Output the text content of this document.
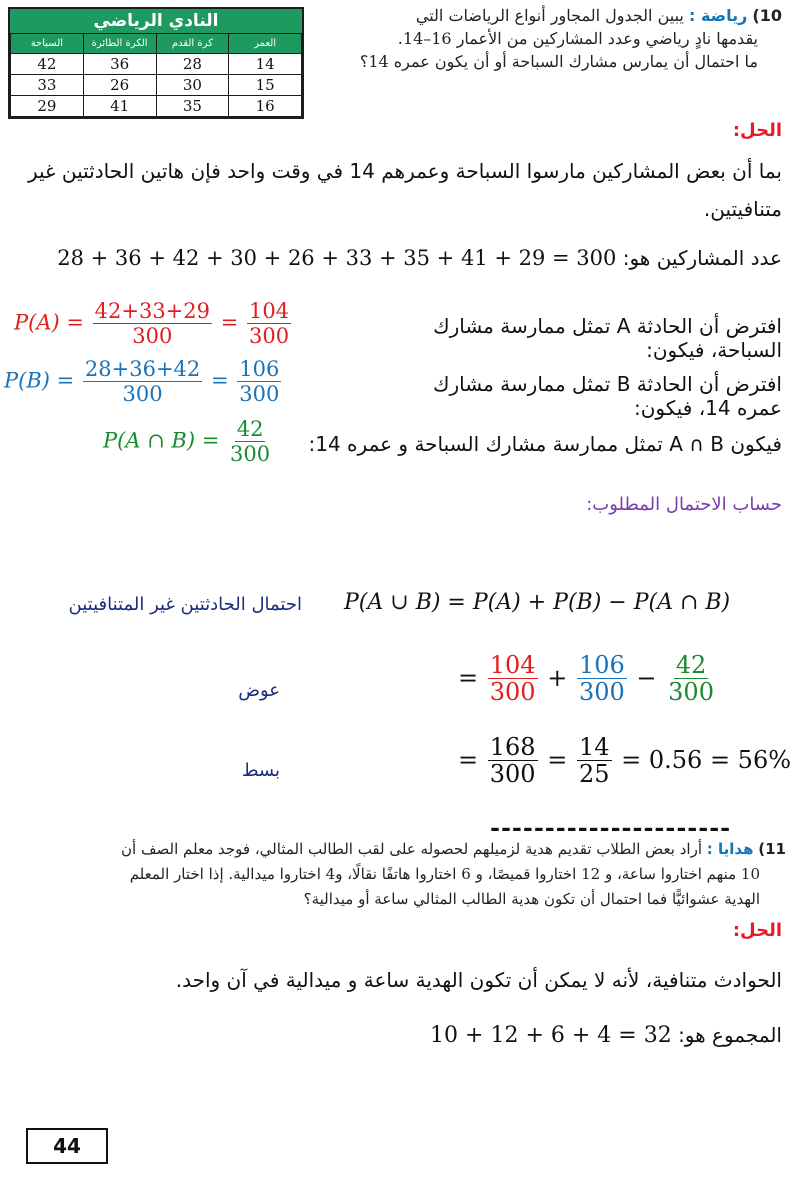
النادي الرياضي
السباحة	الكرة الطائرة	كرة القدم	العمر
42	36	28	14
33	26	30	15
29	41	35	16
10) رياضة : يبين الجدول المجاور أنواع الرياضات التي
يقدمها نادٍ رياضي وعدد المشاركين من الأعمار 16–14.
ما احتمال أن يمارس مشارك السباحة أو أن يكون عمره 14؟
الحل:
بما أن بعض المشاركين مارسوا السباحة وعمرهم 14 في وقت واحد فإن هاتين الحادثتين غير متنافيتين.
عدد المشاركين هو: 28 + 36 + 42 + 30 + 26 + 33 + 35 + 41 + 29 = 300
افترض أن الحادثة A تمثل ممارسة مشارك السباحة، فيكون:
$P(A) = \frac{42+33+29}{300} = \frac{104}{300}$
افترض أن الحادثة B تمثل ممارسة مشارك عمره 14، فيكون:
$P(B) = \frac{28+36+42}{300} = \frac{106}{300}$
فيكون A ∩ B تمثل ممارسة مشارك السباحة و عمره 14:
P(A ∩ $B) = \frac{42}{300}$
حساب الاحتمال المطلوب:
P(A ∪ B) = P(A) + P(B) − P(A ∩ B)
احتمال الحادثتين غير المتنافيتين
= $\frac{104}{300} + \frac{106}{300} - \frac{42}{300}$
عوض
= $\frac{168}{300} = \frac{14}{25} = 0.56 = 56\%$
بسط
----------------------
11) هدايا : أراد بعض الطلاب تقديم هدية لزميلهم لحصوله على لقب الطالب المثالي، فوجد معلم الصف أن
10 منهم اختاروا ساعة، و 12 اختاروا قميصًا، و 6 اختاروا هاتفًا نقالًا، و4 اختاروا ميدالية. إذا اختار المعلم
الهدية عشوائيًّا فما احتمال أن تكون هدية الطالب المثالي ساعة أو ميدالية؟
الحل:
الحوادث متنافية، لأنه لا يمكن أن تكون الهدية ساعة و ميدالية في آن واحد.
المجموع هو: 10 + 12 + 6 + 4 = 32
44
